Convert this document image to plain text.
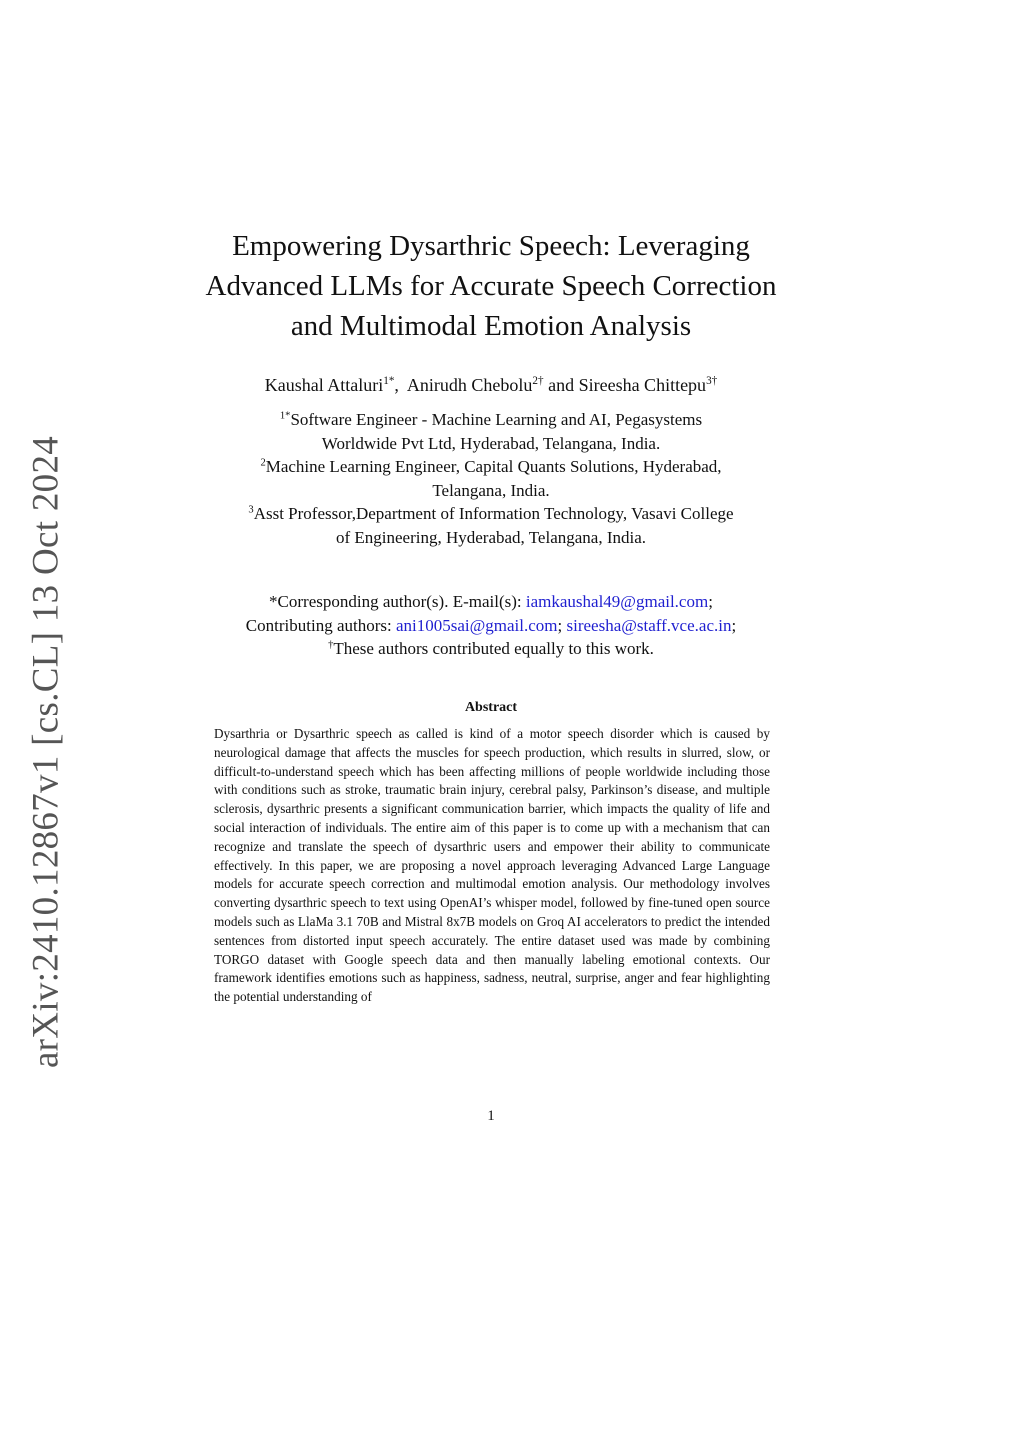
arXiv:2410.12867v1 [cs.CL] 13 Oct 2024
Empowering Dysarthric Speech: Leveraging
Advanced LLMs for Accurate Speech Correction
and Multimodal Emotion Analysis
Kaushal Attaluri$^{1*}$,  Anirudh Chebolu$^{2\dagger}$ and Sireesha Chittepu$^{3\dagger}$
$^{1*}$Software Engineer - Machine Learning and AI, Pegasystems
Worldwide Pvt Ltd, Hyderabad, Telangana, India.
$^2$Machine Learning Engineer, Capital Quants Solutions, Hyderabad,
Telangana, India.
$^3$Asst Professor,Department of Information Technology, Vasavi College
of Engineering, Hyderabad, Telangana, India.
*Corresponding author(s). E-mail(s): iamkaushal49@gmail.com;
Contributing authors: ani1005sai@gmail.com; sireesha@staff.vce.ac.in;
†These authors contributed equally to this work.
Abstract
Dysarthria or Dysarthric speech as called is kind of a motor speech disorder which is caused by neurological damage that affects the muscles for speech production, which results in slurred, slow, or difficult-to-understand speech which has been affecting millions of people worldwide including those with conditions such as stroke, traumatic brain injury, cerebral palsy, Parkinson’s disease, and multiple sclerosis, dysarthric presents a significant communication barrier, which impacts the quality of life and social interaction of individuals. The entire aim of this paper is to come up with a mechanism that can recognize and translate the speech of dysarthric users and empower their ability to communicate effectively. In this paper, we are proposing a novel approach leveraging Advanced Large Language models for accurate speech correction and multimodal emotion analysis. Our methodology involves converting dysarthric speech to text using OpenAI’s whisper model, followed by fine-tuned open source models such as LlaMa 3.1 70B and Mistral 8x7B models on Groq AI accelerators to predict the intended sentences from distorted input speech accurately. The entire dataset used was made by combining TORGO dataset with Google speech data and then manually labeling emotional contexts. Our framework identifies emotions such as happiness, sadness, neutral, surprise, anger and fear highlighting the potential understanding of
1
